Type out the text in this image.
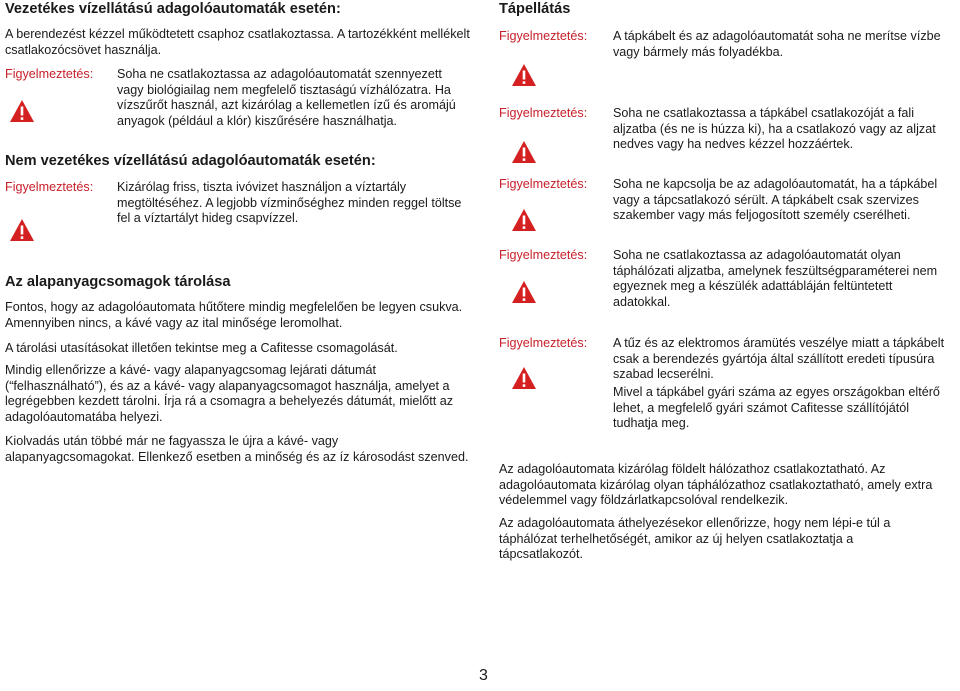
Vezetékes vízellátású adagolóautomaták esetén:

A berendezést kézzel működtetett csaphoz csatlakoztassa. A tartozékként mellékelt csatlakozócsövet használja.

Figyelmeztetés: Soha ne csatlakoztassa az adagolóautomatát szennyezett vagy biológiailag nem megfelelő tisztaságú vízhálózatra. Ha vízszűrőt használ, azt kizárólag a kellemetlen ízű és aromájú anyagok (például a klór) kiszűrésére használhatja.
Nem vezetékes vízellátású adagolóautomaták esetén:
Figyelmeztetés: Kizárólag friss, tiszta ivóvizet használjon a víztartály megtöltéséhez. A legjobb vízminőséghez minden reggel töltse fel a víztartályt hideg csapvízzel.
Az alapanyagcsomagok tárolása

Fontos, hogy az adagolóautomata hűtőtere mindig megfelelően be legyen csukva. Amennyiben nincs, a kávé vagy az ital minősége leromolhat.

A tárolási utasításokat illetően tekintse meg a Cafitesse csomagolását.

Mindig ellenőrizze a kávé- vagy alapanyagcsomag lejárati dátumát (“felhasználható”), és az a kávé- vagy alapanyagcsomagot használja, amelyet a legrégebben kezdett tárolni. Írja rá a csomagra a behelyezés dátumát, mielőtt az adagolóautomatába helyezi.

Kiolvadás után többé már ne fagyassza le újra a kávé- vagy alapanyagcsomagokat. Ellenkező esetben a minőség és az íz károsodást szenved.

Tápellátás
Figyelmeztetés: A tápkábelt és az adagolóautomatát soha ne merítse vízbe vagy bármely más folyadékba.
Figyelmeztetés: Soha ne csatlakoztassa a tápkábel csatlakozóját a fali aljzatba (és ne is húzza ki), ha a csatlakozó vagy az aljzat nedves vagy ha nedves kézzel hozzáértek.
Figyelmeztetés: Soha ne kapcsolja be az adagolóautomatát, ha a tápkábel vagy a tápcsatlakozó sérült. A tápkábelt csak szervizes szakember vagy más feljogosított személy cserélheti.
Figyelmeztetés: Soha ne csatlakoztassa az adagolóautomatát olyan táphálózati aljzatba, amelynek feszültségparaméterei nem egyeznek meg a készülék adattábláján feltüntetett adatokkal.
Figyelmeztetés: A tűz és az elektromos áramütés veszélye miatt a tápkábelt csak a berendezés gyártója által szállított eredeti típusúra szabad lecserélni.
Mivel a tápkábel gyári száma az egyes országokban eltérő lehet, a megfelelő gyári számot Cafitesse szállítójától tudhatja meg.

Az adagolóautomata kizárólag földelt hálózathoz csatlakoztatható. Az adagolóautomata kizárólag olyan táphálózathoz csatlakoztatható, amely extra védelemmel vagy földzárlatkapcsolóval rendelkezik.

Az adagolóautomata áthelyezésekor ellenőrizze, hogy nem lépi-e túl a táphálózat terhelhetőségét, amikor az új helyen csatlakoztatja a tápcsatlakozót.

3
